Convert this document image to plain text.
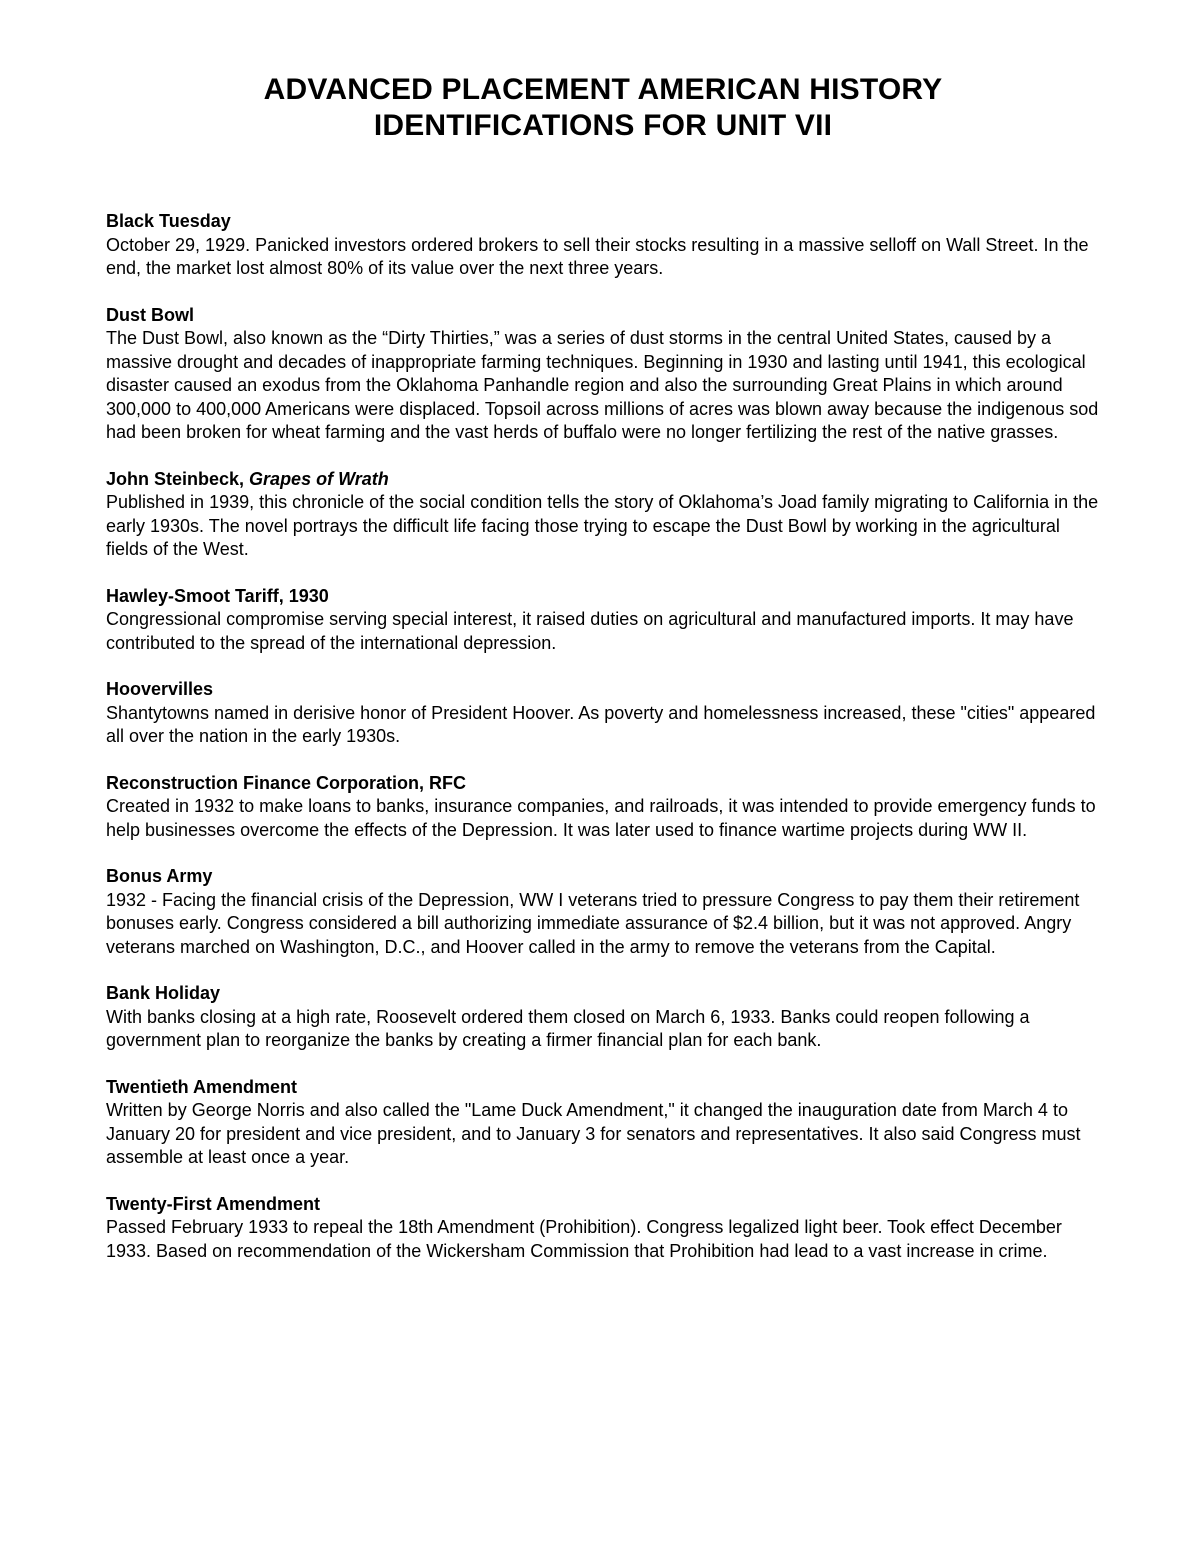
ADVANCED PLACEMENT AMERICAN HISTORY

IDENTIFICATIONS FOR UNIT VII

Black Tuesday

October 29, 1929. Panicked investors ordered brokers to sell their stocks resulting in a massive selloff on Wall Street. In the end, the market lost almost 80% of its value over the next three years.

Dust Bowl

The Dust Bowl, also known as the “Dirty Thirties,” was a series of dust storms in the central United States, caused by a massive drought and decades of inappropriate farming techniques. Beginning in 1930 and lasting until 1941, this ecological disaster caused an exodus from the Oklahoma Panhandle region and also the surrounding Great Plains in which around 300,000 to 400,000 Americans were displaced. Topsoil across millions of acres was blown away because the indigenous sod had been broken for wheat farming and the vast herds of buffalo were no longer fertilizing the rest of the native grasses.

John Steinbeck, Grapes of Wrath

Published in 1939, this chronicle of the social condition tells the story of Oklahoma’s Joad family migrating to California in the early 1930s. The novel portrays the difficult life facing those trying to escape the Dust Bowl by working in the agricultural fields of the West.

Hawley-Smoot Tariff, 1930

Congressional compromise serving special interest, it raised duties on agricultural and manufactured imports. It may have contributed to the spread of the international depression.

Hoovervilles

Shantytowns named in derisive honor of President Hoover. As poverty and homelessness increased, these "cities" appeared all over the nation in the early 1930s.

Reconstruction Finance Corporation, RFC

Created in 1932 to make loans to banks, insurance companies, and railroads, it was intended to provide emergency funds to help businesses overcome the effects of the Depression. It was later used to finance wartime projects during WW II.

Bonus Army

1932 - Facing the financial crisis of the Depression, WW I veterans tried to pressure Congress to pay them their retirement bonuses early. Congress considered a bill authorizing immediate assurance of $2.4 billion, but it was not approved. Angry veterans marched on Washington, D.C., and Hoover called in the army to remove the veterans from the Capital.

Bank Holiday

With banks closing at a high rate, Roosevelt ordered them closed on March 6, 1933. Banks could reopen following a government plan to reorganize the banks by creating a firmer financial plan for each bank.

Twentieth Amendment

Written by George Norris and also called the "Lame Duck Amendment," it changed the inauguration date from March 4 to January 20 for president and vice president, and to January 3 for senators and representatives. It also said Congress must assemble at least once a year.

Twenty-First Amendment

Passed February 1933 to repeal the 18th Amendment (Prohibition). Congress legalized light beer. Took effect December 1933. Based on recommendation of the Wickersham Commission that Prohibition had lead to a vast increase in crime.
